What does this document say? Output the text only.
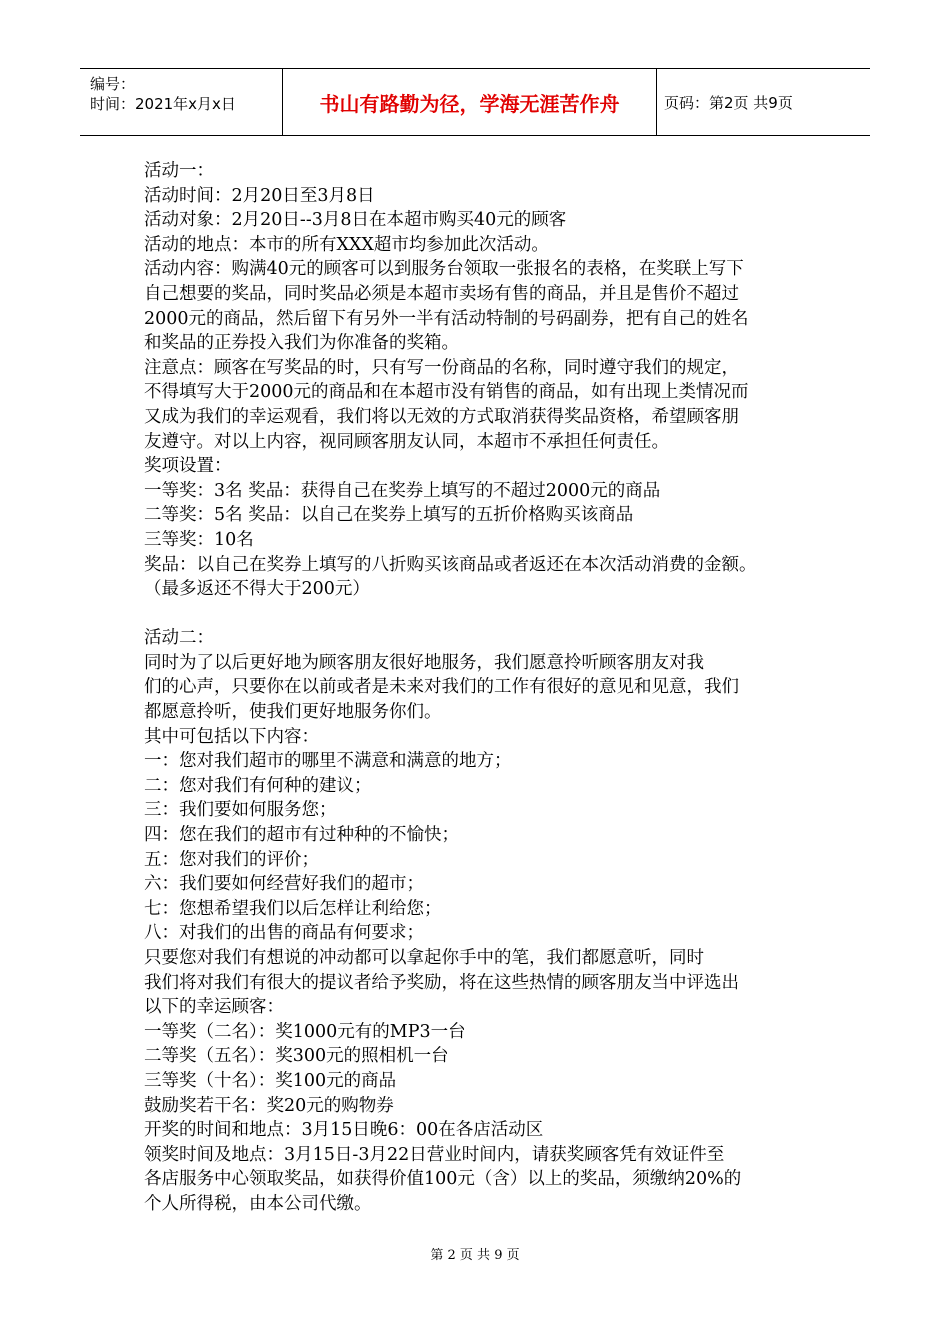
编号：
时间：2021年x月x日	书山有路勤为径，学海无涯苦作舟	页码：第2页 共9页
活动一：
活动时间：2月20日至3月8日
活动对象：2月20日--3月8日在本超市购买40元的顾客
活动的地点：本市的所有XXX超市均参加此次活动。
活动内容：购满40元的顾客可以到服务台领取一张报名的表格，在奖联上写下
自己想要的奖品，同时奖品必须是本超市卖场有售的商品，并且是售价不超过
2000元的商品，然后留下有另外一半有活动特制的号码副券，把有自己的姓名
和奖品的正券投入我们为你准备的奖箱。
注意点：顾客在写奖品的时，只有写一份商品的名称，同时遵守我们的规定，
不得填写大于2000元的商品和在本超市没有销售的商品，如有出现上类情况而
又成为我们的幸运观看，我们将以无效的方式取消获得奖品资格，希望顾客朋
友遵守。对以上内容，视同顾客朋友认同，本超市不承担任何责任。
奖项设置：
一等奖：3名 奖品：获得自己在奖券上填写的不超过2000元的商品
二等奖：5名 奖品：以自己在奖券上填写的五折价格购买该商品
三等奖：10名
奖品：以自己在奖券上填写的八折购买该商品或者返还在本次活动消费的金额。
（最多返还不得大于200元）
活动二：
同时为了以后更好地为顾客朋友很好地服务，我们愿意拎听顾客朋友对我
们的心声，只要你在以前或者是未来对我们的工作有很好的意见和见意，我们
都愿意拎听，使我们更好地服务你们。
其中可包括以下内容：
一：您对我们超市的哪里不满意和满意的地方；
二：您对我们有何种的建议；
三：我们要如何服务您；
四：您在我们的超市有过种种的不愉快；
五：您对我们的评价；
六：我们要如何经营好我们的超市；
七：您想希望我们以后怎样让利给您；
八：对我们的出售的商品有何要求；
只要您对我们有想说的冲动都可以拿起你手中的笔，我们都愿意听，同时
我们将对我们有很大的提议者给予奖励，将在这些热情的顾客朋友当中评选出
以下的幸运顾客：
一等奖（二名）：奖1000元有的MP3一台
二等奖（五名）：奖300元的照相机一台
三等奖（十名）：奖100元的商品
鼓励奖若干名：奖20元的购物券
开奖的时间和地点：3月15日晚6：00在各店活动区
领奖时间及地点：3月15日-3月22日营业时间内，请获奖顾客凭有效证件至
各店服务中心领取奖品，如获得价值100元（含）以上的奖品，须缴纳20%的
个人所得税，由本公司代缴。
第 2 页 共 9 页
